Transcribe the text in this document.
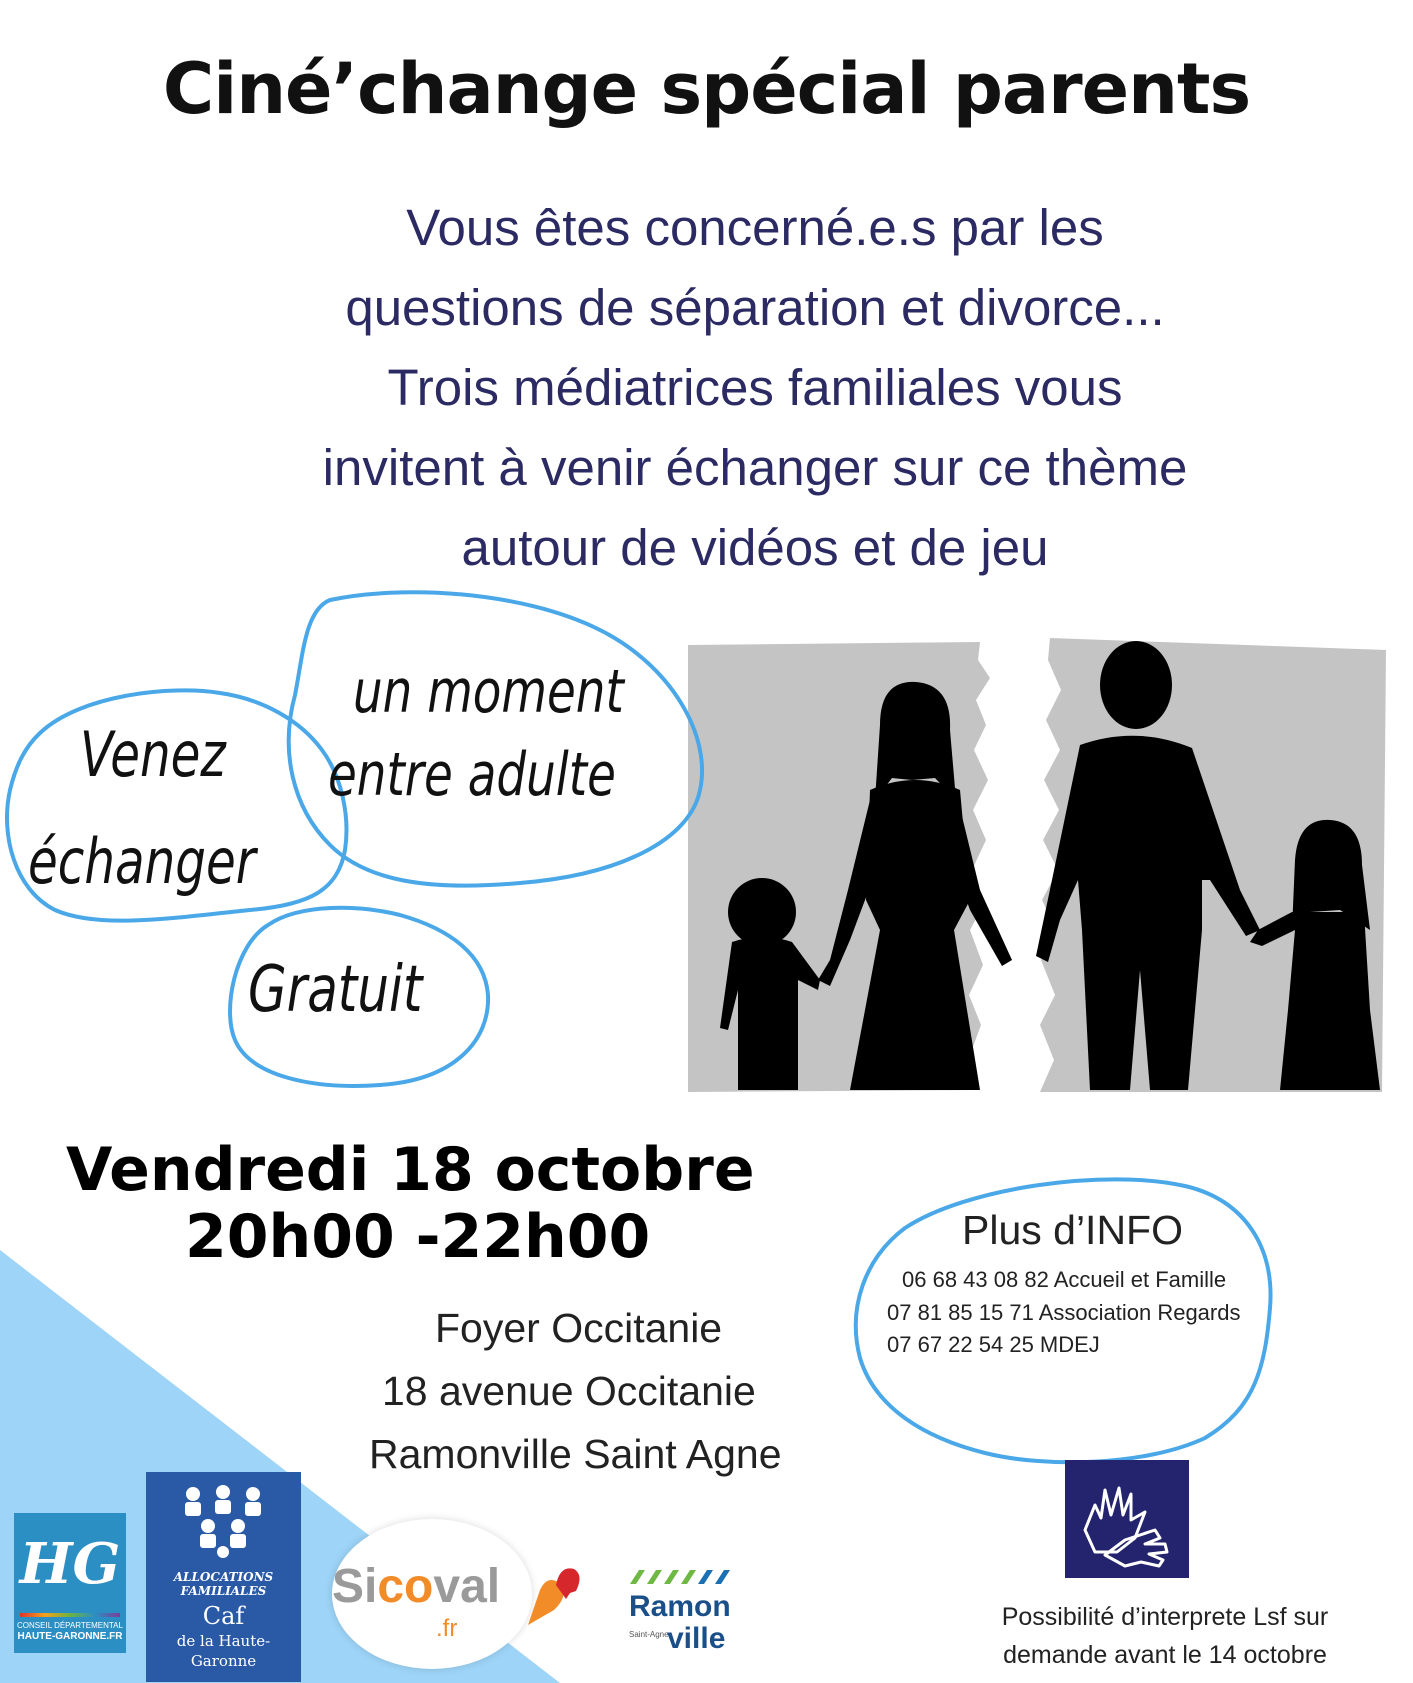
Ciné’change spécial parents
Vous êtes concerné.e.s par les
questions de séparation et divorce...
Trois médiatrices familiales vous
invitent à venir échanger sur ce thème
autour de vidéos et de jeu
Venez
échanger
un moment
entre adulte
Gratuit
Vendredi 18 octobre
20h00 -22h00
Foyer Occitanie
18 avenue Occitanie
Ramonville Saint Agne
Plus d’INFO
06 68 43 08 82 Accueil et Famille
07 81 85 15 71 Association Regards
07 67 22 54 25 MDEJ
Possibilité d’interprete Lsf sur
demande avant le 14 octobre
HG
CONSEIL DÉPARTEMENTAL
HAUTE-GARONNE.FR
ALLOCATIONS
FAMILIALES
Caf
de la Haute-
Garonne
Sicoval
.fr
Ramon
Saint-Agne
ville
